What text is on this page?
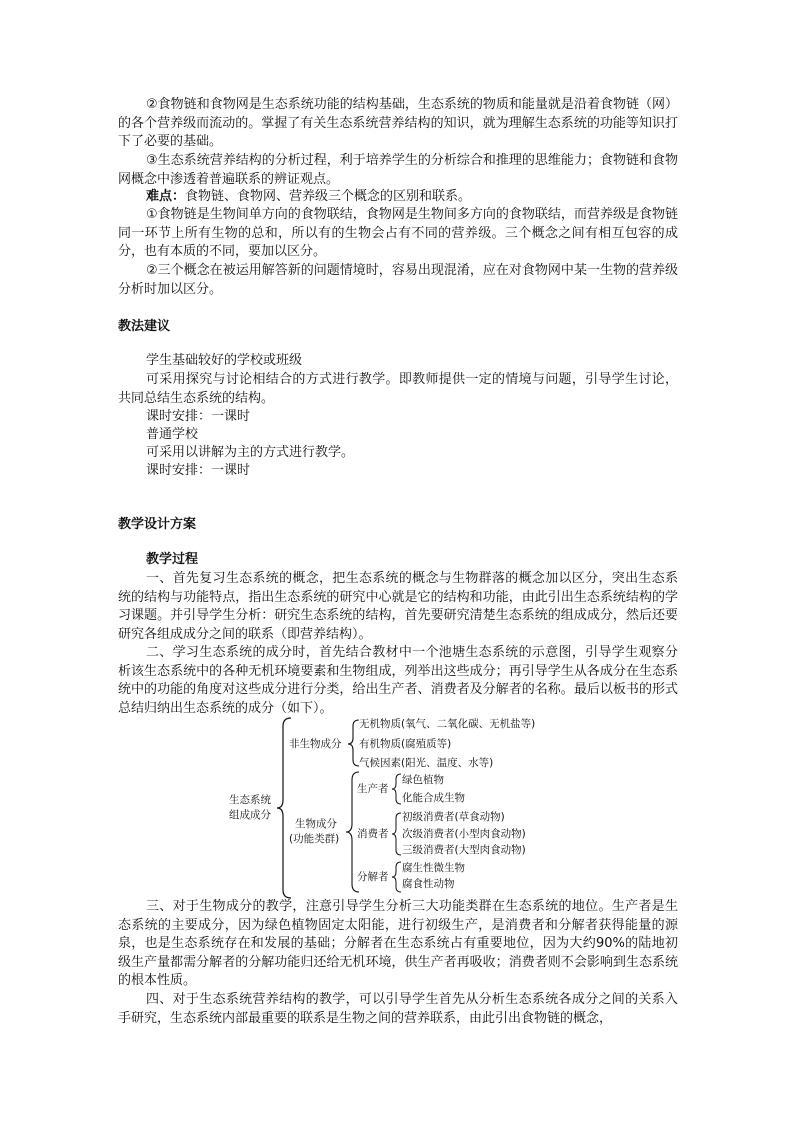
②食物链和食物网是生态系统功能的结构基础，生态系统的物质和能量就是沿着食物链（网）的各个营养级而流动的。掌握了有关生态系统营养结构的知识，就为理解生态系统的功能等知识打下了必要的基础。

③生态系统营养结构的分析过程，利于培养学生的分析综合和推理的思维能力；食物链和食物网概念中渗透着普遍联系的辨证观点。

难点：食物链、食物网、营养级三个概念的区别和联系。

①食物链是生物间单方向的食物联结，食物网是生物间多方向的食物联结，而营养级是食物链同一环节上所有生物的总和，所以有的生物会占有不同的营养级。三个概念之间有相互包容的成分，也有本质的不同，要加以区分。

②三个概念在被运用解答新的问题情境时，容易出现混淆，应在对食物网中某一生物的营养级分析时加以区分。

教法建议

学生基础较好的学校或班级

可采用探究与讨论相结合的方式进行教学。即教师提供一定的情境与问题，引导学生讨论，共同总结生态系统的结构。

课时安排：一课时

普通学校

可采用以讲解为主的方式进行教学。

课时安排：一课时

教学设计方案
教学过程

一、首先复习生态系统的概念，把生态系统的概念与生物群落的概念加以区分，突出生态系统的结构与功能特点，指出生态系统的研究中心就是它的结构和功能，由此引出生态系统结构的学习课题。并引导学生分析：研究生态系统的结构，首先要研究清楚生态系统的组成成分，然后还要研究各组成成分之间的联系（即营养结构）。

二、学习生态系统的成分时，首先结合教材中一个池塘生态系统的示意图，引导学生观察分析该生态系统中的各种无机环境要素和生物组成，列举出这些成分；再引导学生从各成分在生态系统中的功能的角度对这些成分进行分类，给出生产者、消费者及分解者的名称。最后以板书的形式总结归纳出生态系统的成分（如下）。

生态系统
组成成分
非生物成分
无机物质(氧气、二氧化碳、无机盐等)
有机物质(腐殖质等)
气候因素(阳光、温度、水等)
生物成分
(功能类群)
生产者
绿色植物
化能合成生物
消费者
初级消费者(草食动物)
次级消费者(小型肉食动物)
三级消费者(大型肉食动物)
分解者
腐生性微生物
腐食性动物

三、对于生物成分的教学，注意引导学生分析三大功能类群在生态系统的地位。生产者是生态系统的主要成分，因为绿色植物固定太阳能，进行初级生产，是消费者和分解者获得能量的源泉，也是生态系统存在和发展的基础；分解者在生态系统占有重要地位，因为大约90%的陆地初级生产量都需分解者的分解功能归还给无机环境，供生产者再吸收；消费者则不会影响到生态系统的根本性质。

四、对于生态系统营养结构的教学，可以引导学生首先从分析生态系统各成分之间的关系入手研究，生态系统内部最重要的联系是生物之间的营养联系，由此引出食物链的概念，
